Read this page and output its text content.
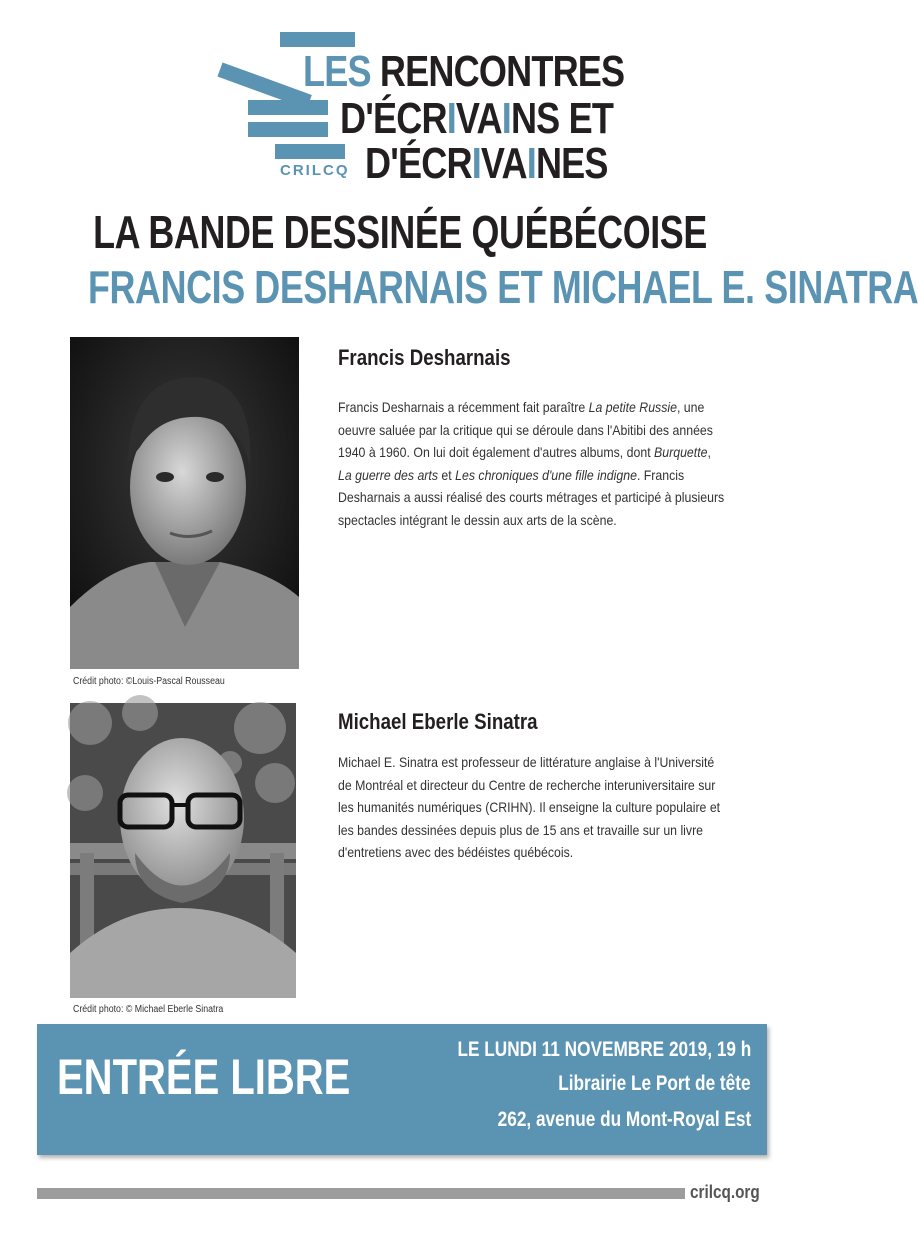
LES RENCONTRES
D'ÉCRIVAINS ET
D'ÉCRIVAINES
CRILCQ
LA BANDE DESSINÉE QUÉBÉCOISE
FRANCIS DESHARNAIS ET MICHAEL E. SINATRA
Crédit photo: ©Louis-Pascal Rousseau
Francis Desharnais
Francis Desharnais a récemment fait paraître La petite Russie, une oeuvre saluée par la critique qui se déroule dans l'Abitibi des années 1940 à 1960. On lui doit également d'autres albums, dont Burquette, La guerre des arts et Les chroniques d'une fille indigne. Francis Desharnais a aussi réalisé des courts métrages et participé à plusieurs spectacles intégrant le dessin aux arts de la scène.
Crédit photo: © Michael Eberle Sinatra
Michael Eberle Sinatra
Michael E. Sinatra est professeur de littérature anglaise à l'Université de Montréal et directeur du Centre de recherche interuniversitaire sur les humanités numériques (CRIHN). Il enseigne la culture populaire et les bandes dessinées depuis plus de 15 ans et travaille sur un livre d'entretiens avec des bédéistes québécois.
ENTRÉE LIBRE	LE LUNDI 11 NOVEMBRE 2019, 19 h
Librairie Le Port de tête
262, avenue du Mont-Royal Est
crilcq.org
